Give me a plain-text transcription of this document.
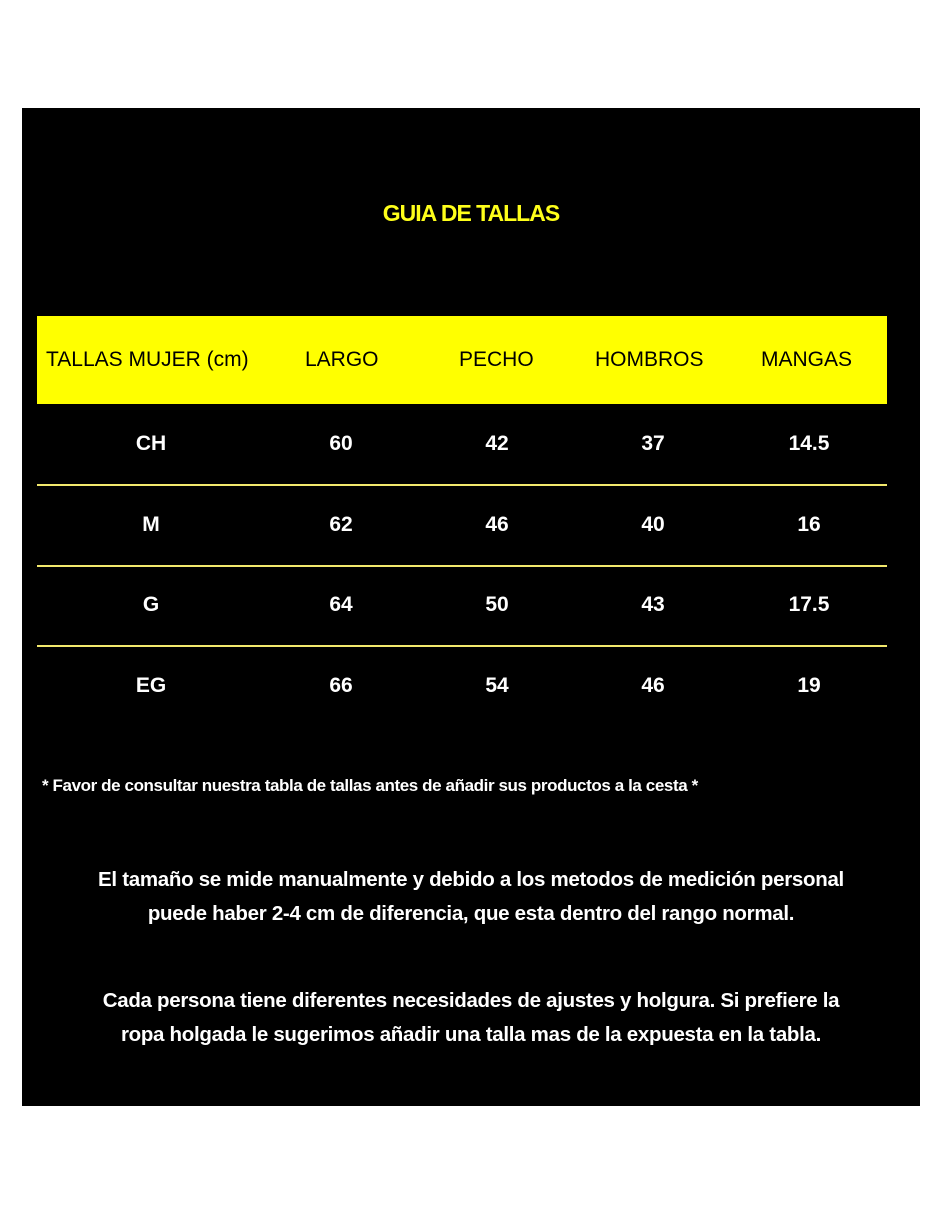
GUIA DE TALLAS
TALLAS MUJER (cm)	LARGO	PECHO	HOMBROS	MANGAS
CH	60	42	37	14.5
M	62	46	40	16
G	64	50	43	17.5
EG	66	54	46	19
* Favor de consultar nuestra tabla de tallas antes de añadir sus productos a la cesta *
El tamaño se mide manualmente y debido a los metodos de medición personal
puede haber 2-4 cm de diferencia, que esta dentro del rango normal.
Cada persona tiene diferentes necesidades de ajustes y holgura. Si prefiere la
ropa holgada le sugerimos añadir una talla mas de la expuesta en la tabla.
